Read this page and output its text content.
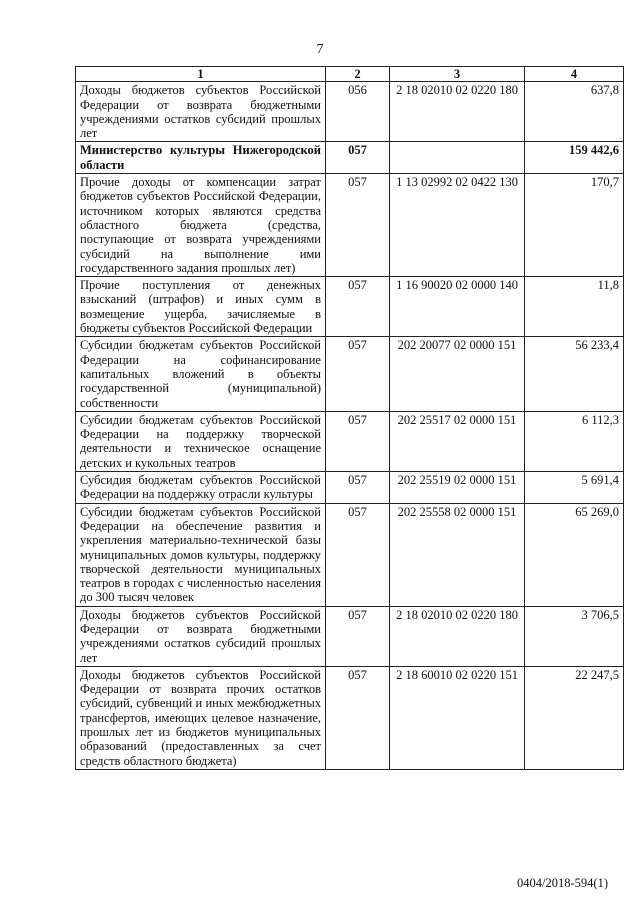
7
1	2	3	4
Доходы бюджетов субъектов Российской Федерации от возврата бюджетными учреждениями остатков субсидий прошлых лет	056	2 18 02010 02 0220 180	637,8
Министерство культуры Нижегородской области	057		159 442,6
Прочие доходы от компенсации затрат бюджетов субъектов Российской Федерации, источником которых являются средства областного бюджета (средства, поступающие от возврата учреждениями субсидий на выполнение ими государственного задания прошлых лет)	057	1 13 02992 02 0422 130	170,7
Прочие поступления от денежных взысканий (штрафов) и иных сумм в возмещение ущерба, зачисляемые в бюджеты субъектов Российской Федерации	057	1 16 90020 02 0000 140	11,8
Субсидии бюджетам субъектов Российской Федерации на софинансирование капитальных вложений в объекты государственной (муниципальной) собственности	057	202 20077 02 0000 151	56 233,4
Субсидии бюджетам субъектов Российской Федерации на поддержку творческой деятельности и техническое оснащение детских и кукольных театров	057	202 25517 02 0000 151	6 112,3
Субсидия бюджетам субъектов Российской Федерации на поддержку отрасли культуры	057	202 25519 02 0000 151	5 691,4
Субсидии бюджетам субъектов Российской Федерации на обеспечение развития и укрепления материально-технической базы муниципальных домов культуры, поддержку творческой деятельности муниципальных театров в городах с численностью населения до 300 тысяч человек	057	202 25558 02 0000 151	65 269,0
Доходы бюджетов субъектов Российской Федерации от возврата бюджетными учреждениями остатков субсидий прошлых лет	057	2 18 02010 02 0220 180	3 706,5
Доходы бюджетов субъектов Российской Федерации от возврата прочих остатков субсидий, субвенций и иных межбюджетных трансфертов, имеющих целевое назначение, прошлых лет из бюджетов муниципальных образований (предоставленных за счет средств областного бюджета)	057	2 18 60010 02 0220 151	22 247,5
0404/2018-594(1)
